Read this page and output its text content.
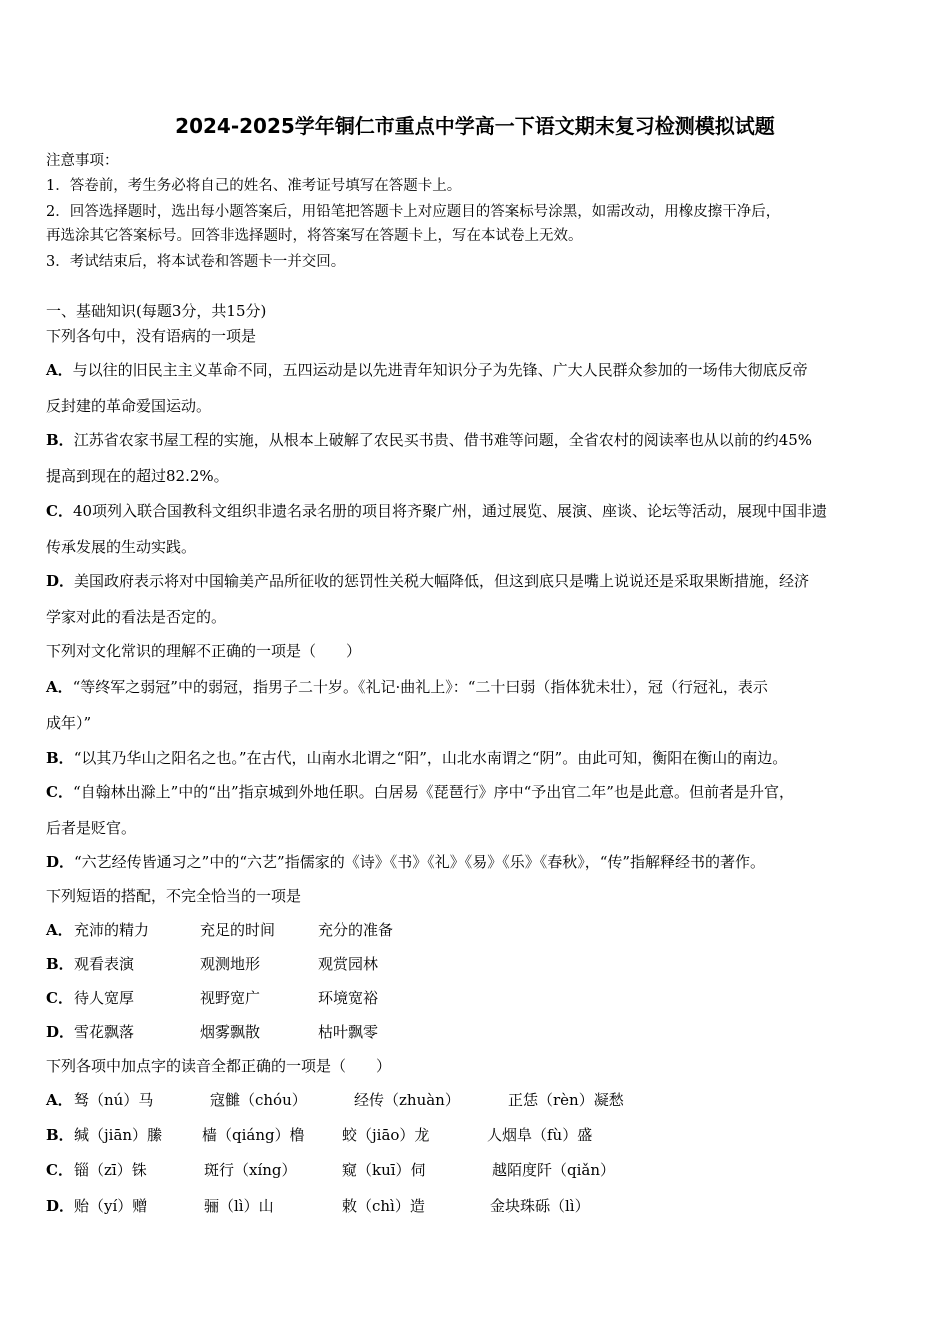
2024-2025学年铜仁市重点中学高一下语文期末复习检测模拟试题
注意事项：
1．答卷前，考生务必将自己的姓名、准考证号填写在答题卡上。
2．回答选择题时，选出每小题答案后，用铅笔把答题卡上对应题目的答案标号涂黑，如需改动，用橡皮擦干净后，
再选涂其它答案标号。回答非选择题时，将答案写在答题卡上，写在本试卷上无效。
3．考试结束后，将本试卷和答题卡一并交回。
一、基础知识(每题3分，共15分)
下列各句中，没有语病的一项是
A．与以往的旧民主主义革命不同，五四运动是以先进青年知识分子为先锋、广大人民群众参加的一场伟大彻底反帝
反封建的革命爱国运动。
B．江苏省农家书屋工程的实施，从根本上破解了农民买书贵、借书难等问题，全省农村的阅读率也从以前的约45%
提高到现在的超过82.2%。
C．40项列入联合国教科文组织非遗名录名册的项目将齐聚广州，通过展览、展演、座谈、论坛等活动，展现中国非遗
传承发展的生动实践。
D．美国政府表示将对中国输美产品所征收的惩罚性关税大幅降低，但这到底只是嘴上说说还是采取果断措施，经济
学家对此的看法是否定的。
下列对文化常识的理解不正确的一项是（　　）
A．“等终军之弱冠”中的弱冠，指男子二十岁。《礼记·曲礼上》：“二十曰弱（指体犹未壮），冠（行冠礼，表示
成年）”
B．“以其乃华山之阳名之也。”在古代，山南水北谓之“阳”，山北水南谓之“阴”。由此可知，衡阳在衡山的南边。
C．“自翰林出滁上”中的“出”指京城到外地任职。白居易《琵琶行》序中“予出官二年”也是此意。但前者是升官，
后者是贬官。
D．“六艺经传皆通习之”中的“六艺”指儒家的《诗》《书》《礼》《易》《乐》《春秋》，“传”指解释经书的著作。
下列短语的搭配，不完全恰当的一项是
A． 充沛的精力	充足的时间	充分的准备
B． 观看表演	观测地形	观赏园林
C． 待人宽厚	视野宽广	环境宽裕
D． 雪花飘落	烟雾飘散	枯叶飘零
下列各项中加点字的读音全都正确的一项是（　　）
A． 驽（nú）马	寇雠（chóu）	经传（zhuàn）	正恁（rèn）凝愁
B． 缄（jiān）縢	樯（qiáng）橹 蛟（jiāo）龙	人烟阜（fù）盛
C． 锱（zī）铢	斑行（xíng）	窥（kuī）伺	越陌度阡（qiǎn）
D． 贻（yí）赠	骊（lì）山	敕（chì）造	金块珠砾（lì）
